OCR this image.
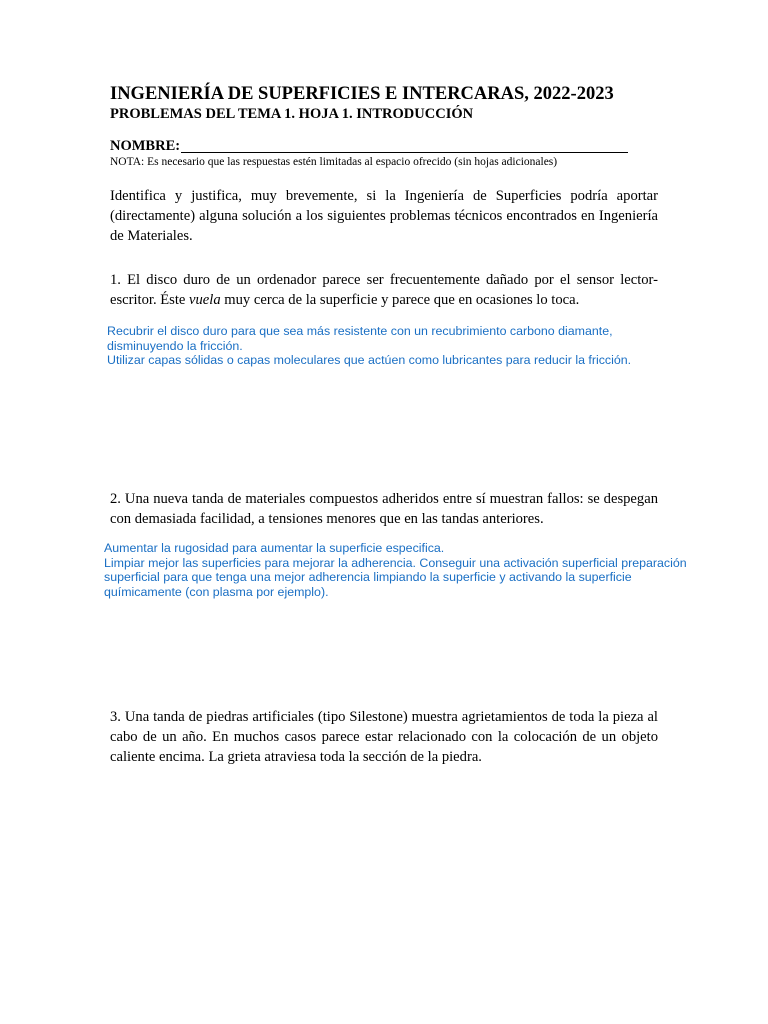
INGENIERÍA DE SUPERFICIES E INTERCARAS, 2022-2023
PROBLEMAS DEL TEMA 1. HOJA 1. INTRODUCCIÓN
NOMBRE:
NOTA: Es necesario que las respuestas estén limitadas al espacio ofrecido (sin hojas adicionales)

Identifica y justifica, muy brevemente, si la Ingeniería de Superficies podría aportar (directamente) alguna solución a los siguientes problemas técnicos encontrados en Ingeniería de Materiales.

1. El disco duro de un ordenador parece ser frecuentemente dañado por el sensor lector-escritor. Éste vuela muy cerca de la superficie y parece que en ocasiones lo toca.

Recubrir el disco duro para que sea más resistente con un recubrimiento carbono diamante,
disminuyendo la fricción.
Utilizar capas sólidas o capas moleculares que actúen como lubricantes para reducir la fricción.

2. Una nueva tanda de materiales compuestos adheridos entre sí muestran fallos: se despegan con demasiada facilidad, a tensiones menores que en las tandas anteriores.

Aumentar la rugosidad para aumentar la superficie especifica.
Limpiar mejor las superficies para mejorar la adherencia. Conseguir una activación superficial preparación
superficial para que tenga una mejor adherencia limpiando la superficie y activando la superficie
químicamente (con plasma por ejemplo).

3. Una tanda de piedras artificiales (tipo Silestone) muestra agrietamientos de toda la pieza al cabo de un año. En muchos casos parece estar relacionado con la colocación de un objeto caliente encima. La grieta atraviesa toda la sección de la piedra.
